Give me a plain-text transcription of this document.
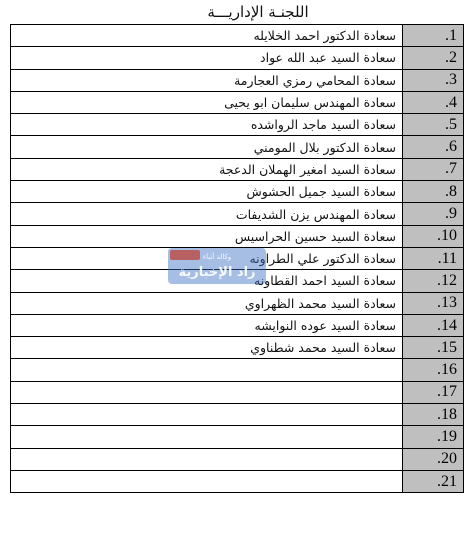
اللجنـة الإداريـــة
.1	سعادة الدكتور احمد الخلايله
.2	سعادة السيد عبد الله عواد
.3	سعادة المحامي رمزي العجارمة
.4	سعادة المهندس سليمان ابو يحيى
.5	سعادة السيد ماجد الرواشده
.6	سعادة الدكتور بلال المومني
.7	سعادة السيد امغير الهملان الدعجة
.8	سعادة السيد جميل الحشوش
.9	سعادة المهندس يزن الشديفات
.10	سعادة السيد حسين الحراسيس
.11	سعادة الدكتور علي الطراونه
.12	سعادة السيد احمد القطاونه
.13	سعادة السيد محمد الظهراوي
.14	سعادة السيد عوده النوايشه
.15	سعادة السيد محمد شطناوي
.16	
.17	
.18	
.19	
.20	
.21	
وكالة أنباء
زاد الإخبارية
